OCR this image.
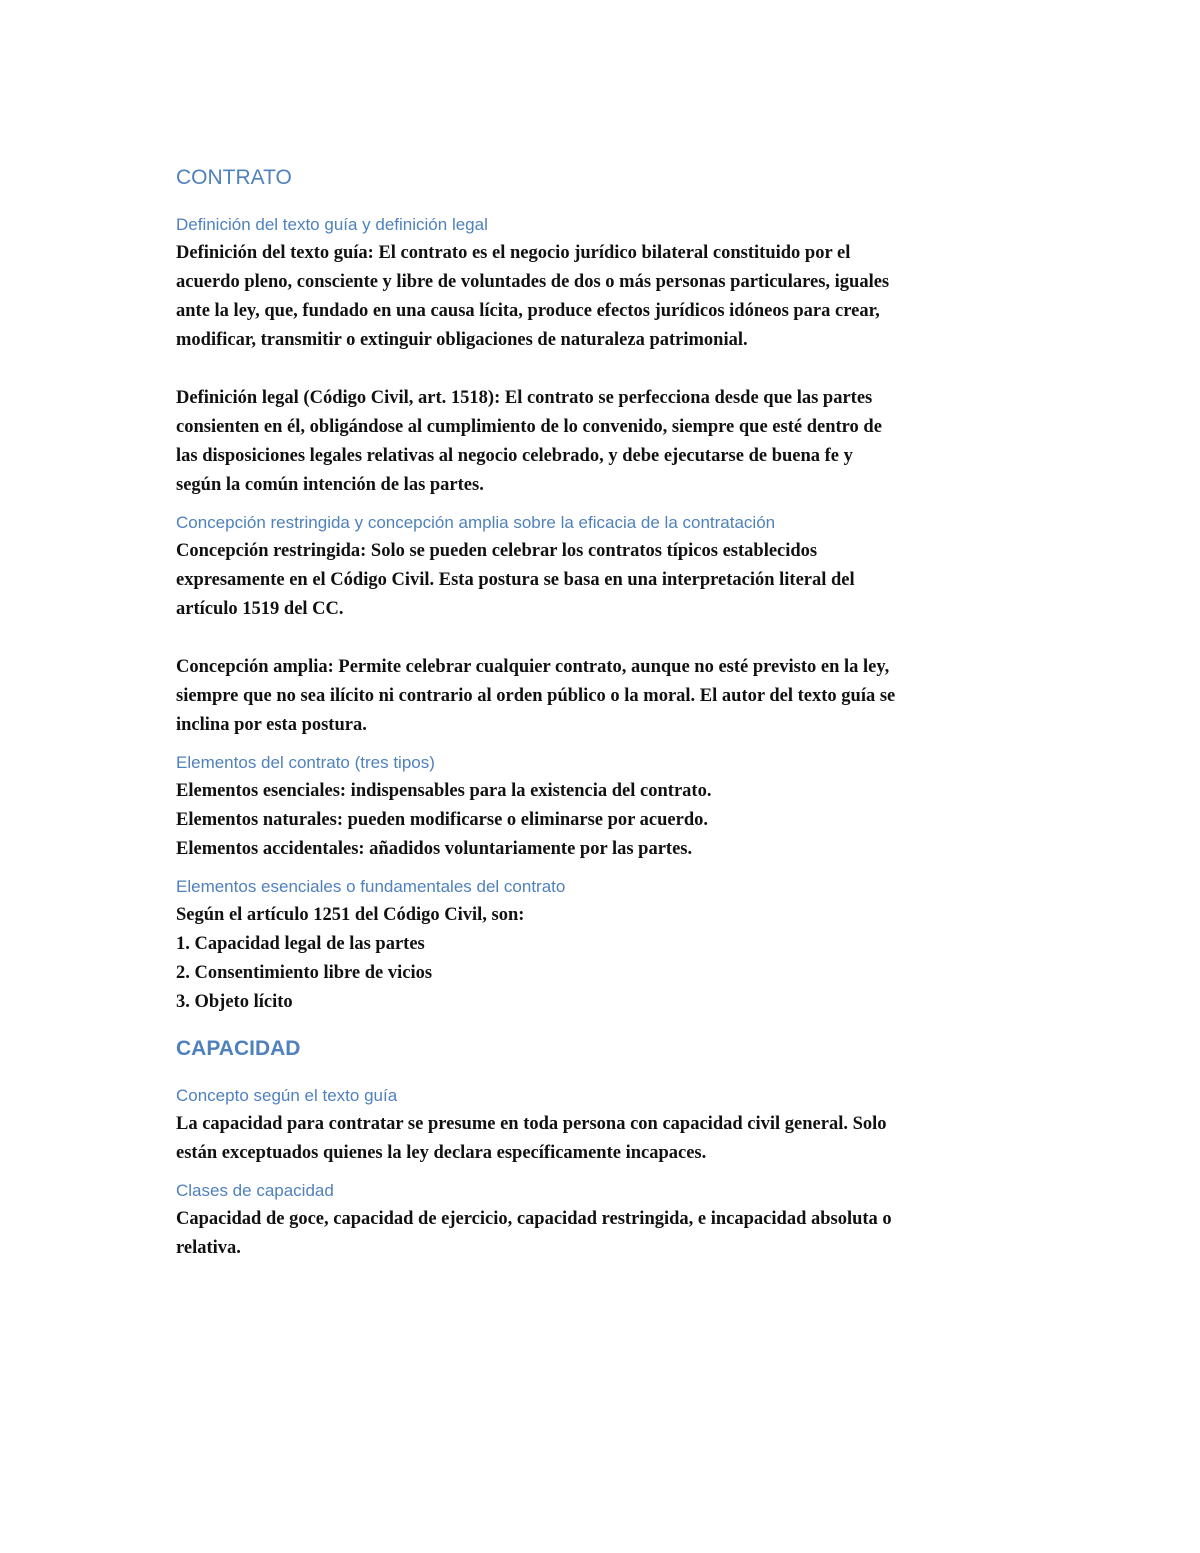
CONTRATO
Definición del texto guía y definición legal

Definición del texto guía: El contrato es el negocio jurídico bilateral constituido por el

acuerdo pleno, consciente y libre de voluntades de dos o más personas particulares, iguales

ante la ley, que, fundado en una causa lícita, produce efectos jurídicos idóneos para crear,

modificar, transmitir o extinguir obligaciones de naturaleza patrimonial.

Definición legal (Código Civil, art. 1518): El contrato se perfecciona desde que las partes

consienten en él, obligándose al cumplimiento de lo convenido, siempre que esté dentro de

las disposiciones legales relativas al negocio celebrado, y debe ejecutarse de buena fe y

según la común intención de las partes.

Concepción restringida y concepción amplia sobre la eficacia de la contratación

Concepción restringida: Solo se pueden celebrar los contratos típicos establecidos

expresamente en el Código Civil. Esta postura se basa en una interpretación literal del

artículo 1519 del CC.

Concepción amplia: Permite celebrar cualquier contrato, aunque no esté previsto en la ley,

siempre que no sea ilícito ni contrario al orden público o la moral. El autor del texto guía se

inclina por esta postura.

Elementos del contrato (tres tipos)

Elementos esenciales: indispensables para la existencia del contrato.

Elementos naturales: pueden modificarse o eliminarse por acuerdo.

Elementos accidentales: añadidos voluntariamente por las partes.

Elementos esenciales o fundamentales del contrato

Según el artículo 1251 del Código Civil, son:

1. Capacidad legal de las partes

2. Consentimiento libre de vicios

3. Objeto lícito

CAPACIDAD
Concepto según el texto guía

La capacidad para contratar se presume en toda persona con capacidad civil general. Solo

están exceptuados quienes la ley declara específicamente incapaces.

Clases de capacidad

Capacidad de goce, capacidad de ejercicio, capacidad restringida, e incapacidad absoluta o

relativa.
